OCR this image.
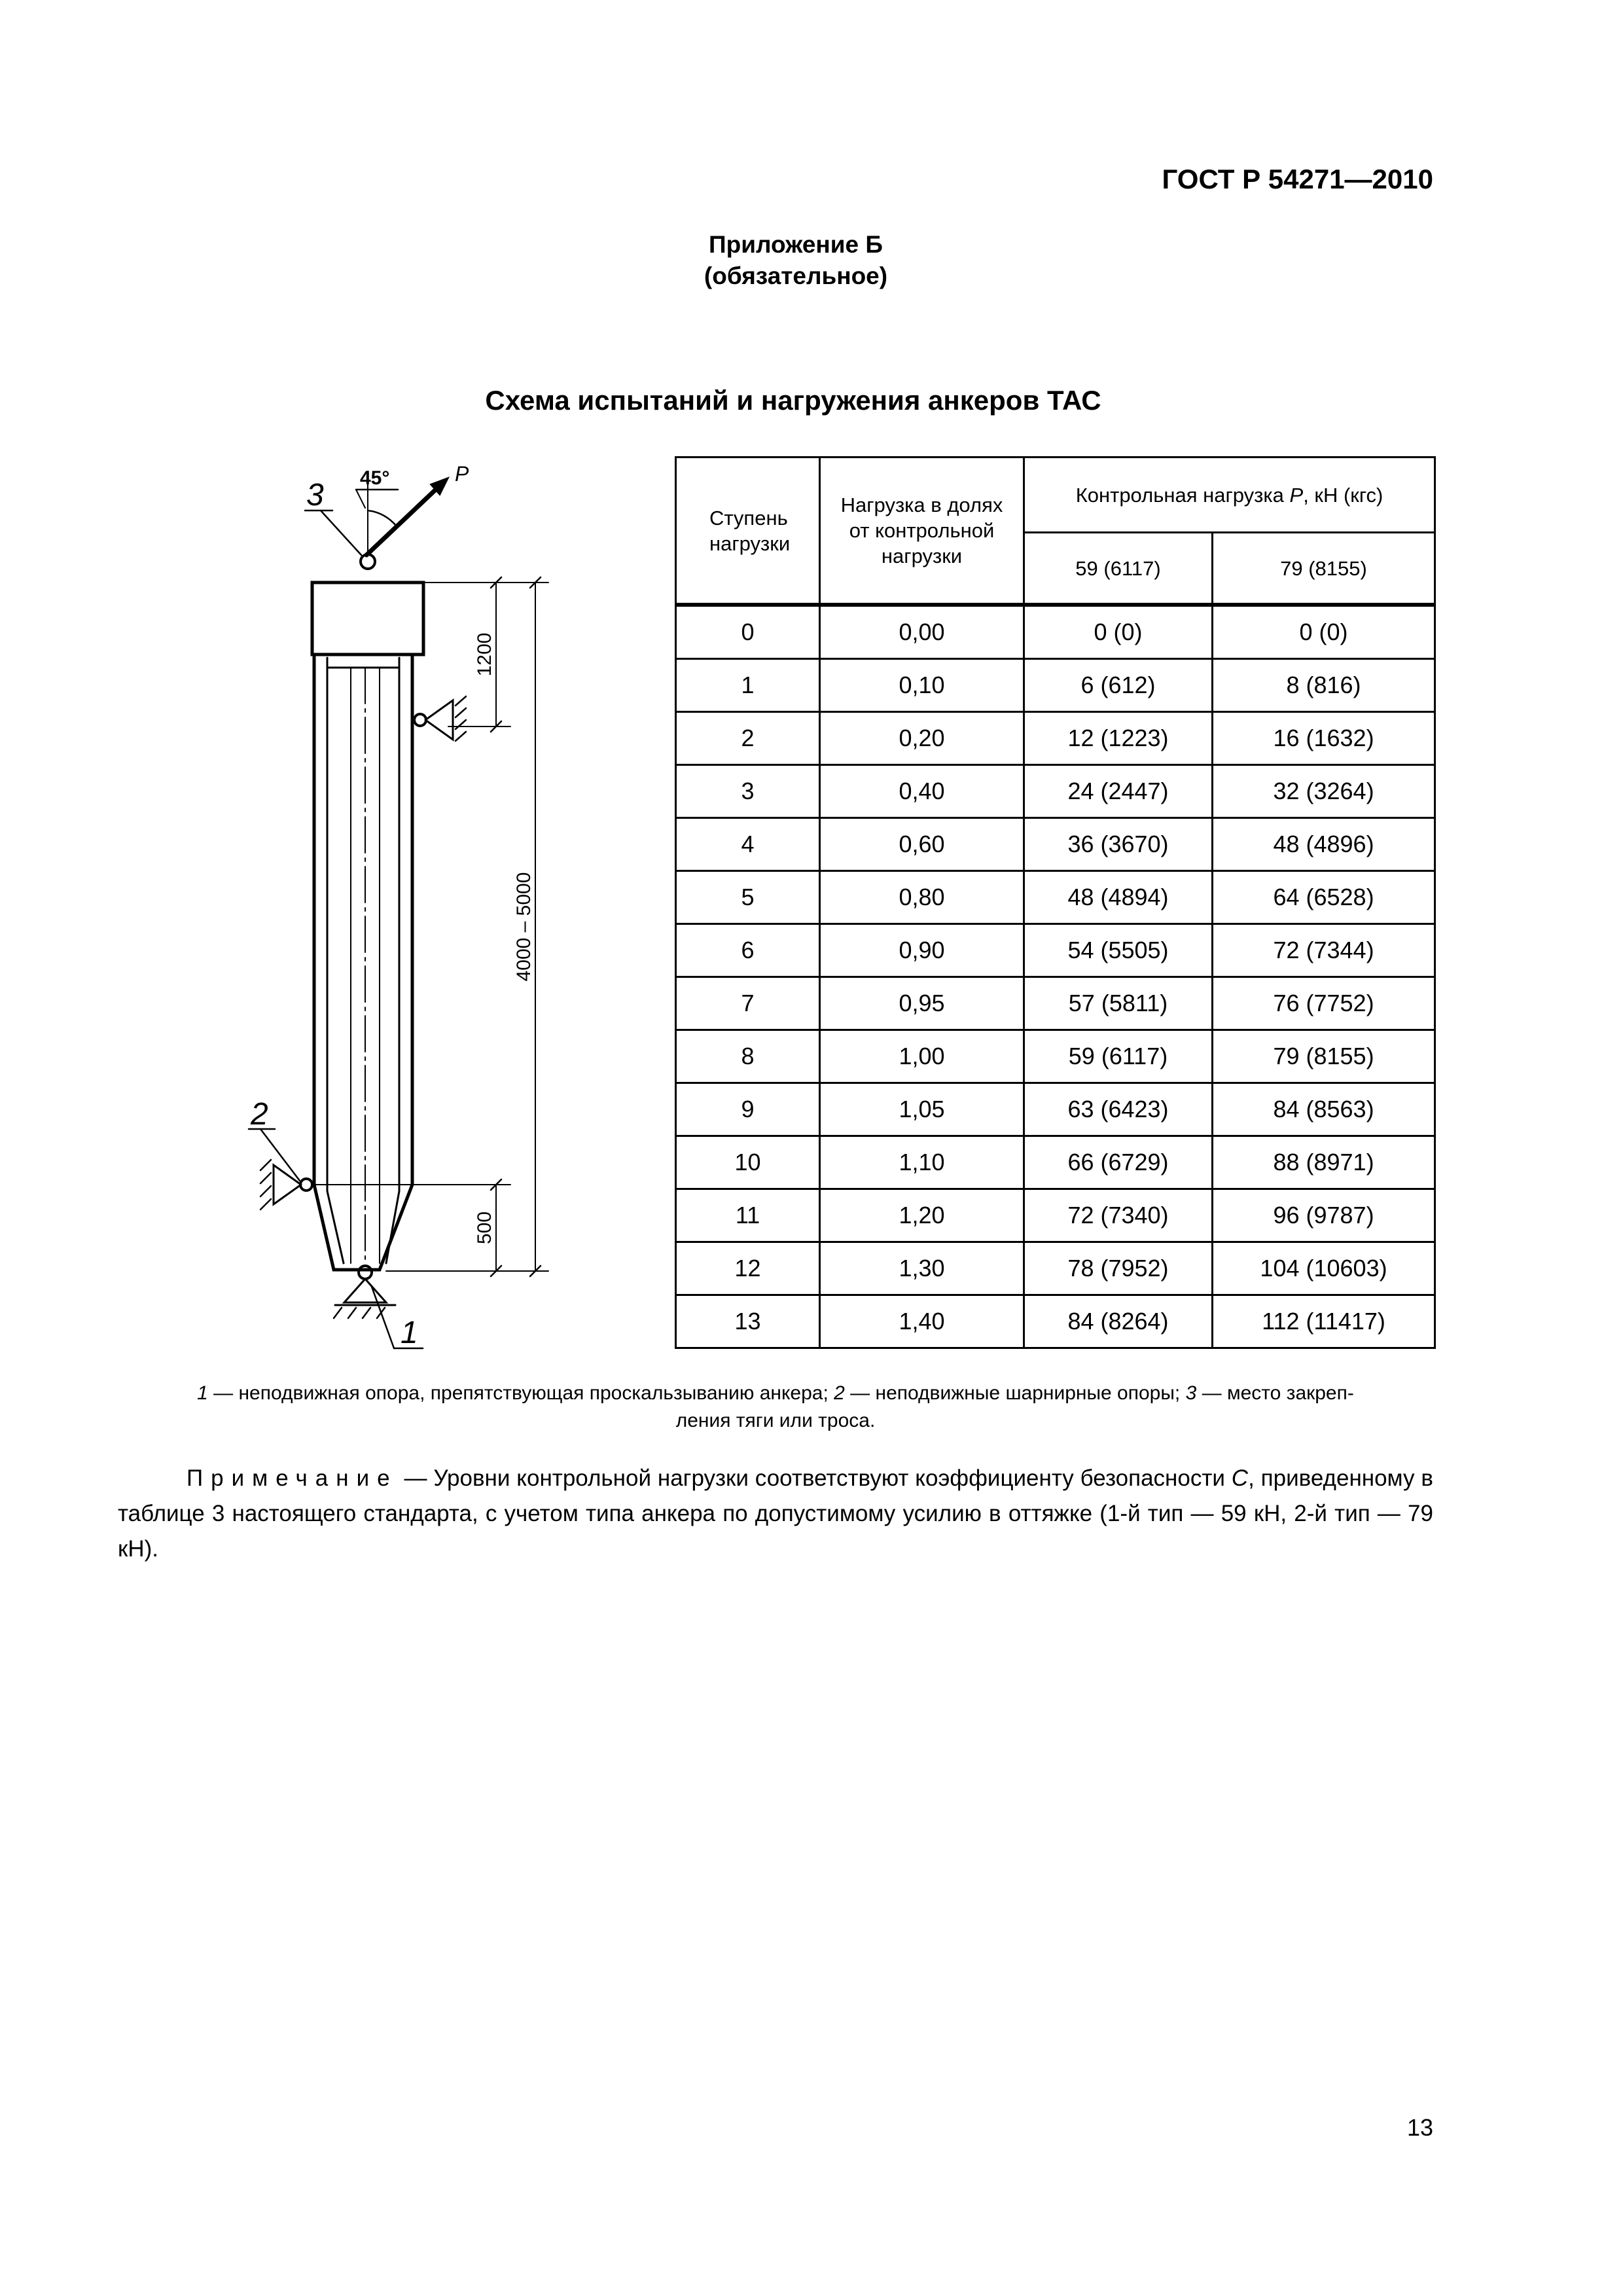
ГОСТ Р 54271—2010
Приложение Б
(обязательное)
Схема испытаний и нагружения анкеров ТАС
45°	P
3
2
1
1200
4000 – 5000
500
Ступень нагрузки	Нагрузка в долях от контрольной нагрузки	Контрольная нагрузка P, кН (кгс)	
		59 (6117)	79 (8155)
0	0,00	0 (0)	0 (0)
1	0,10	6 (612)	8 (816)
2	0,20	12 (1223)	16 (1632)
3	0,40	24 (2447)	32 (3264)
4	0,60	36 (3670)	48 (4896)
5	0,80	48 (4894)	64 (6528)
6	0,90	54 (5505)	72 (7344)
7	0,95	57 (5811)	76 (7752)
8	1,00	59 (6117)	79 (8155)
9	1,05	63 (6423)	84 (8563)
10	1,10	66 (6729)	88 (8971)
11	1,20	72 (7340)	96 (9787)
12	1,30	78 (7952)	104 (10603)
13	1,40	84 (8264)	112 (11417)
1 — неподвижная опора, препятствующая проскальзыванию анкера; 2 — неподвижные шарнирные опоры; 3 — место закреп-
ления тяги или троса.
Примечание — Уровни контрольной нагрузки соответствуют коэффициенту безопасности С, приведенному в таблице 3 настоящего стандарта, с учетом типа анкера по допустимому усилию в оттяжке (1-й тип — 59 кН, 2-й тип — 79 кН).
13
